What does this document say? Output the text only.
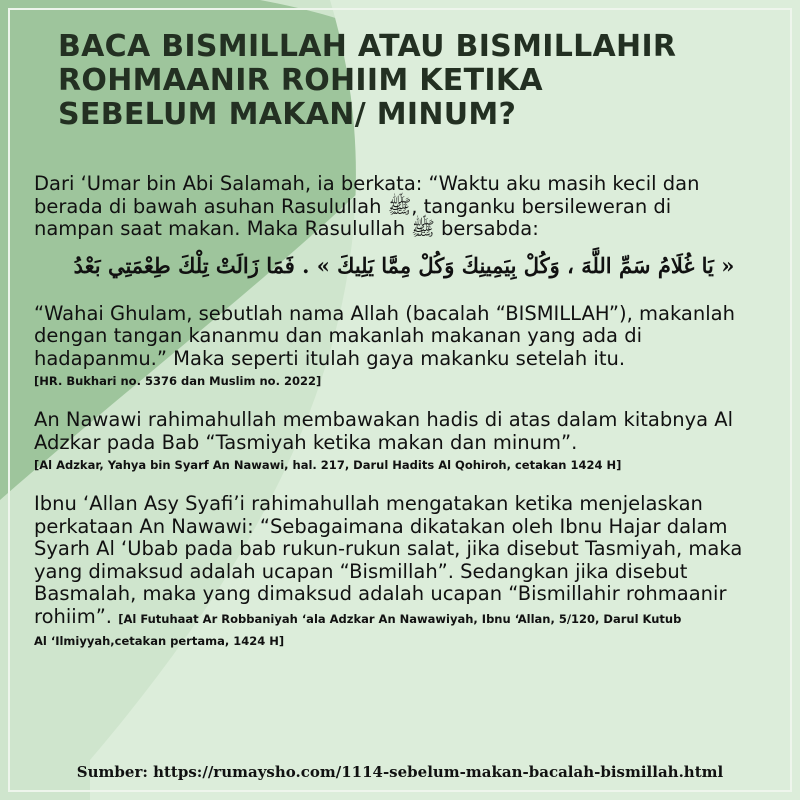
BACA BISMILLAH ATAU BISMILLAHIR
ROHMAANIR ROHIIM KETIKA
SEBELUM MAKAN/ MINUM?
Dari ‘Umar bin Abi Salamah, ia berkata: “Waktu aku masih kecil dan
berada di bawah asuhan Rasulullah ﷺ, tanganku bersileweran di
nampan saat makan. Maka Rasulullah ﷺ bersabda:
« يَا غُلَامُ سَمِّ اللَّهَ ، وَكُلْ بِيَمِينِكَ وَكُلْ مِمَّا يَلِيكَ » . فَمَا زَالَتْ تِلْكَ طِعْمَتِي بَعْدُ
“Wahai Ghulam, sebutlah nama Allah (bacalah “BISMILLAH”), makanlah
dengan tangan kananmu dan makanlah makanan yang ada di
hadapanmu.” Maka seperti itulah gaya makanku setelah itu.
[HR. Bukhari no. 5376 dan Muslim no. 2022]
An Nawawi rahimahullah membawakan hadis di atas dalam kitabnya Al
Adzkar pada Bab “Tasmiyah ketika makan dan minum”.
[Al Adzkar, Yahya bin Syarf An Nawawi, hal. 217, Darul Hadits Al Qohiroh, cetakan 1424 H]
Ibnu ‘Allan Asy Syafi’i rahimahullah mengatakan ketika menjelaskan
perkataan An Nawawi: “Sebagaimana dikatakan oleh Ibnu Hajar dalam
Syarh Al ‘Ubab pada bab rukun-rukun salat, jika disebut Tasmiyah, maka
yang dimaksud adalah ucapan “Bismillah”. Sedangkan jika disebut
Basmalah, maka yang dimaksud adalah ucapan “Bismillahir rohmaanir
rohiim”. [Al Futuhaat Ar Robbaniyah ‘ala Adzkar An Nawawiyah, Ibnu ‘Allan, 5/120, Darul Kutub
Al ‘Ilmiyyah,cetakan pertama, 1424 H]
Sumber: https://rumaysho.com/1114-sebelum-makan-bacalah-bismillah.html
